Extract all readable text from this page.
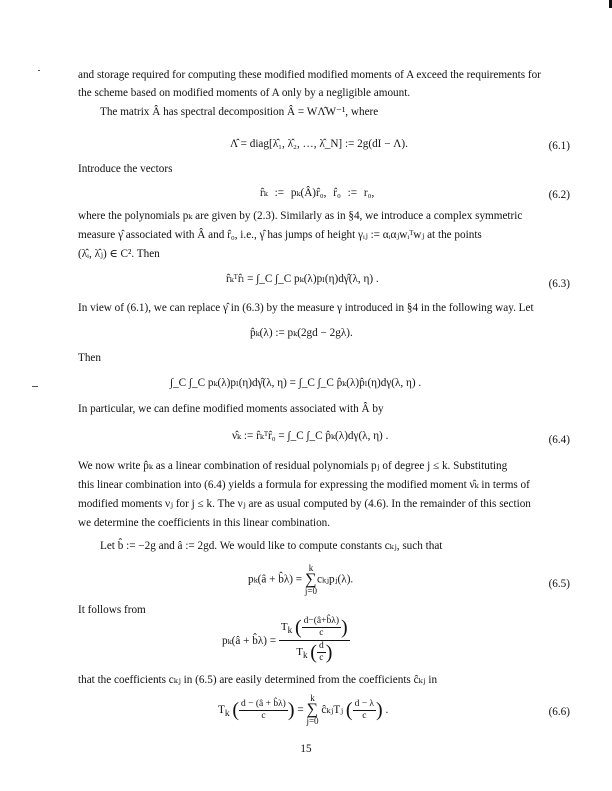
and storage required for computing these modified modified moments of A exceed the requirements for
the scheme based on modified moments of A only by a negligible amount.
The matrix Â has spectral decomposition Â = WΛ̂W⁻¹, where
Λ̂ = diag[λ̂₁, λ̂₂, …, λ̂_N] := 2g(dI − Λ).	(6.1)
Introduce the vectors
r̂ₖ := pₖ(Â)r̂₀, r̂₀ := r₀,	(6.2)
where the polynomials pₖ are given by (2.3). Similarly as in §4, we introduce a complex symmetric
measure γ̂ associated with Â and r̂₀, i.e., γ̂ has jumps of height γᵢⱼ := αᵢαⱼwᵢᵀwⱼ at the points
(λ̂ᵢ, λ̂ⱼ) ∈ C². Then
r̂ₖᵀr̂ₗ = ∫_C ∫_C pₖ(λ)pₗ(η)dγ̂(λ, η) .	(6.3)
In view of (6.1), we can replace γ̂ in (6.3) by the measure γ introduced in §4 in the following way. Let
p̂ₖ(λ) := pₖ(2gd − 2gλ).
Then
∫_C ∫_C pₖ(λ)pₗ(η)dγ̂(λ, η) = ∫_C ∫_C p̂ₖ(λ)p̂ₗ(η)dγ(λ, η) .
In particular, we can define modified moments associated with Â by
ν̂ₖ := r̂ₖᵀr̂₀ = ∫_C ∫_C p̂ₖ(λ)dγ(λ, η) .	(6.4)
We now write p̂ₖ as a linear combination of residual polynomials pⱼ of degree j ≤ k. Substituting
this linear combination into (6.4) yields a formula for expressing the modified moment ν̂ₖ in terms of
modified moments νⱼ for j ≤ k. The νⱼ are as usual computed by (4.6). In the remainder of this section
we determine the coefficients in this linear combination.
Let b̂ := −2g and â := 2gd. We would like to compute constants cₖⱼ, such that
pₖ(â + b̂λ) = k
∑
j=0cₖⱼpⱼ(λ).	(6.5)
It follows from
pₖ(â + b̂λ) = $\frac{T_k ( \frac{d-(â+b̂\lambda)}{c} )}{T_k ( \frac{d}{c} )}$
that the coefficients cₖⱼ in (6.5) are easily determined from the coefficients ĉₖⱼ in
$T_k$ ( $\frac{d - (â + b̂\lambda)}{c}$ ) = k
∑
j=0 ĉₖⱼTⱼ ( $\frac{d - \lambda}{c}$ ) .	(6.6)
15
